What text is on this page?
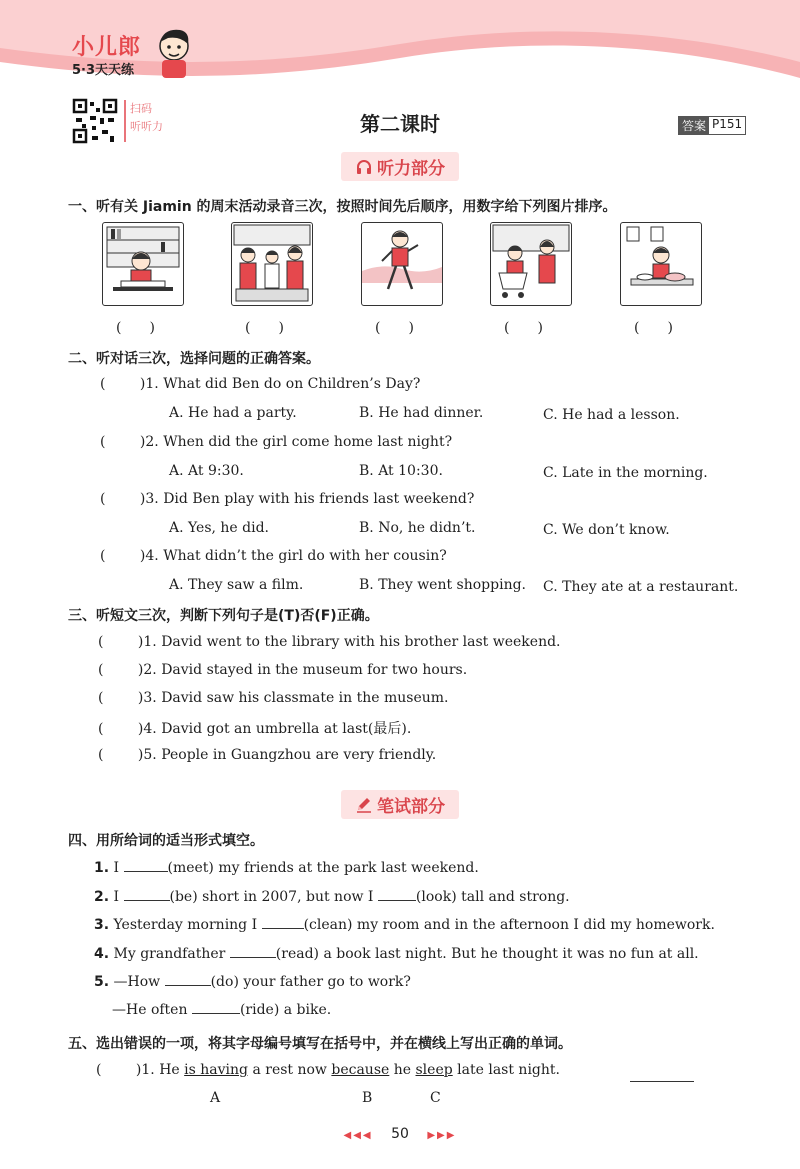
小儿郎
5·3天天练
扫码
听听力	第二课时	答案 P151
听力部分
一、听有关 Jiamin 的周末活动录音三次，按照时间先后顺序，用数字给下列图片排序。
(　　)	(　　)	(　　)	(　　)	(　　)
二、听对话三次，选择问题的正确答案。
( )1. What did Ben do on Children’s Day?
A. He had a party.	B. He had dinner.	C. He had a lesson.
( )2. When did the girl come home last night?
A. At 9:30.	B. At 10:30.	C. Late in the morning.
( )3. Did Ben play with his friends last weekend?
A. Yes, he did.	B. No, he didn’t.	C. We don’t know.
( )4. What didn’t the girl do with her cousin?
A. They saw a film.	B. They went shopping. C. They ate at a restaurant.
三、听短文三次，判断下列句子是(T)否(F)正确。
( )1. David went to the library with his brother last weekend.
( )2. David stayed in the museum for two hours.
( )3. David saw his classmate in the museum.
( )4. David got an umbrella at last(最后).
( )5. People in Guangzhou are very friendly.
笔试部分
四、用所给词的适当形式填空。
1. I	(meet) my friends at the park last weekend.
2. I	(be) short in 2007, but now I	(look) tall and strong.
3. Yesterday morning I	(clean) my room and in the afternoon I did my homework.
4. My grandfather	(read) a book last night. But he thought it was no fun at all.
5. —How	(do) your father go to work?
—He often	(ride) a bike.
五、选出错误的一项，将其字母编号填写在括号中，并在横线上写出正确的单词。
( )1. He is having a rest now because he sleep late last night.
A	B	C
◀◀◀ 50 ▶▶▶
